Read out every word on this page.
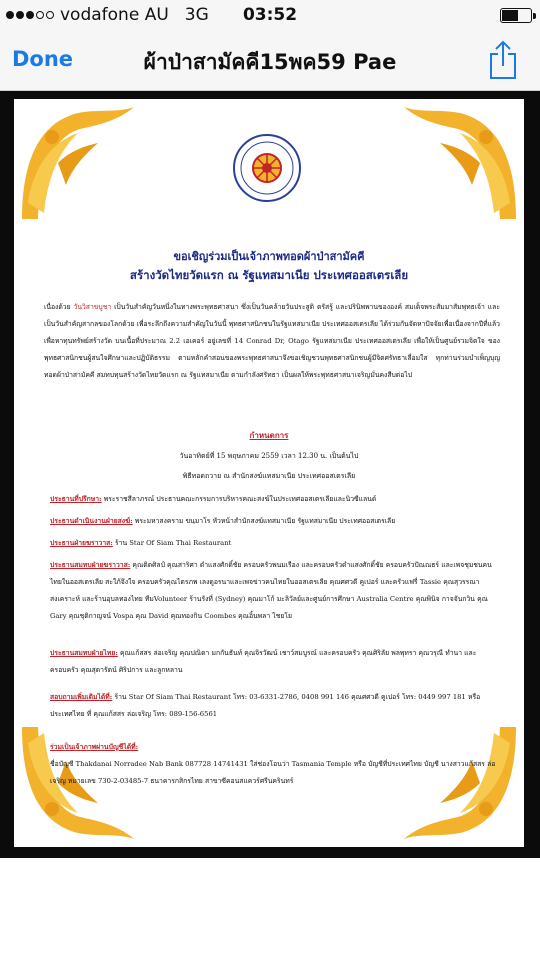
vodafone AU 3G	03:52
Done	ผ้าป่าสามัคคี15พค59 Pae
ขอเชิญร่วมเป็นเจ้าภาพทอดผ้าป่าสามัคคี
สร้างวัดไทยวัดแรก ณ รัฐแทสมาเนีย ประเทศออสเตรเลีย
เนื่องด้วย วันวิสาขบูชา เป็นวันสำคัญวันหนึ่งในทางพระพุทธศาสนา ซึ่งเป็นวันคล้ายวันประสูติ ตรัสรู้ และปรินิพพานขององค์ สมเด็จพระสัมมาสัมพุทธเจ้า และเป็นวันสำคัญสากลของโลกด้วย เพื่อระลึกถึงความสำคัญในวันนี้ พุทธศาสนิกชนในรัฐแทสมาเนีย ประเทศออสเตรเลีย ได้ร่วมกันจัดหาปัจจัยเพื่อเนื่องจากปีที่แล้วเพื่อหาทุนทรัพย์สร้างวัด บนเนื้อที่ประมาณ 2.2 เอเคอร์ อยู่เลขที่ 14 Conrad Dr, Otago รัฐแทสมาเนีย ประเทศออสเตรเลีย เพื่อให้เป็นศูนย์รวมจิตใจ ของพุทธศาสนิกชนผู้สนใจศึกษาและปฏิบัติธรรม ตามหลักคำสอนของพระพุทธศาสนาจึงขอเชิญชวนพุทธศาสนิกชนผู้มีจิตศรัทธาเลื่อมใส ทุกท่านร่วมบำเพ็ญบุญทอดผ้าป่าสามัคคี สมทบทุนสร้างวัดไทยวัดแรก ณ รัฐแทสมาเนีย ตามกำลังศรัทธา เป็นผลให้พระพุทธศาสนาเจริญมั่นคงสืบต่อไป
กำหนดการ
วันอาทิตย์ที่ 15 พฤษภาคม 2559 เวลา 12.30 น. เป็นต้นไป
พิธีทอดถวาย ณ สำนักสงฆ์แทสมาเนีย ประเทศออสเตรเลีย
ประธานที่ปรึกษา: พระราชสีลาภรณ์ ประธานคณะกรรมการบริหารคณะสงฆ์ในประเทศออสเตรเลียและนิวซีแลนด์
ประธานดำเนินงานฝ่ายสงฆ์: พระมหาสงคราม ขนฺมาโร หัวหน้าสำนักสงฆ์แทสมาเนีย รัฐแทสมาเนีย ประเทศออสเตรเลีย
ประธานฝ่ายฆราวาส: ร้าน Star Of Siam Thai Restaurant
ประธานสมทบฝ่ายฆราวาส: คุณติดศิลป์ คุณสาริศา ดำแสงศักดิ์ชัย ครอบครัวพนมเรือง และครอบครัวดำแสงศักดิ์ชัย ครอบครัวปัณณธร์ และเพจชุมชนคนไทยในออสเตรเลีย สะใภ้จึงใจ ครอบครัวคุณไตรภพ เลงดูอรนาและเพจข่าวคนไทยในออสเตรเลีย คุณศศวดี คูเปอร์ และครัวแฟรี่ Tassie คุณสุวรรณา สงเคราะห์ และร้านอุบลทองไทย ทีมVolunteer ร้านรังที่ (Sydney) คุณมาโก้ มะลิวัลย์และศูนย์การศึกษา Australia Centre คุณพินิจ กาจจันกวิน คุณ Gary คุณชุติกาญจน์ Vospa คุณ David คุณทองกิน Coombes คุณอิ้นพลา ไชยโย
ประธานสมทบฝ่ายไทย: คุณแก้สสร ล่อเจริญ คุณปณิดา มกกันธันท์ คุณจิรวัฒน์ เชาว์สมบูรณ์ และครอบครัว คุณศิริลัย พลพุทรา คุณวรุณี ทำนา และครอบครัว คุณสุดารัตน์ ศิริปการ และลูกหลาน
สอบถามเพิ่มเติมได้ที่: ร้าน Star Of Siam Thai Restaurant โทร: 03-6331-2786, 0408 991 146 คุณศศวดี คูเปอร์ โทร: 0449 997 181 หรือประเทศไทย ที่ คุณแก้สสร ล่อเจริญ โทร: 089-156-6561
ร่วมเป็นเจ้าภาพผ่านบัญชีได้ที่:
ชื่อบัญชี Thakdanai Norradee Nab Bank 087728 14741431 ใส่ช่องโอนว่า Tasmania Temple หรือ บัญชีที่ประเทศไทย บัญชี นางสาวแก้สสร ล่อเจริญ หมายเลข 730-2-03485-7 ธนาคารกสิกรไทย สาขาซีคอนสแควร์ศรีนครินทร์
